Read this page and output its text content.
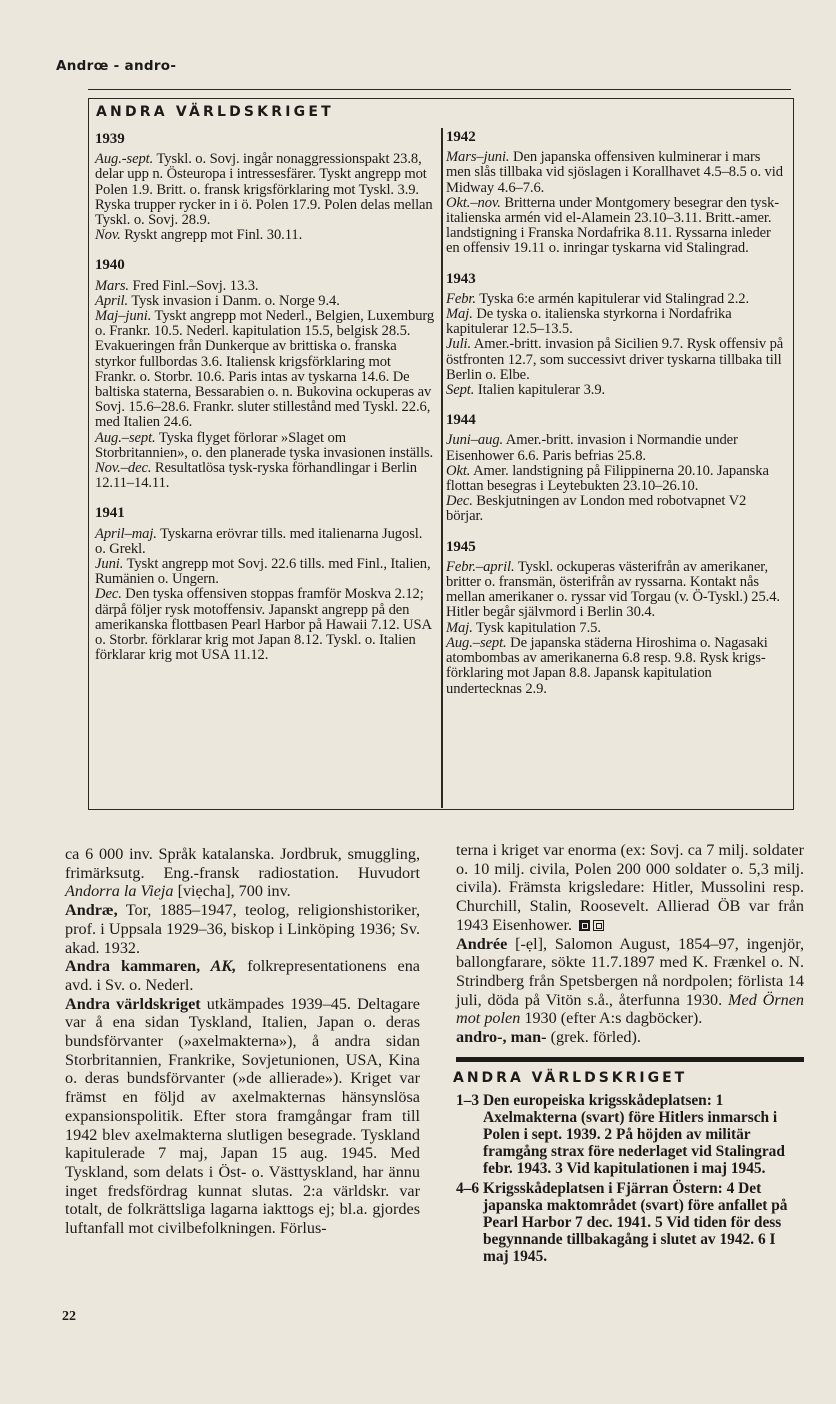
Andrœ - andro-
ANDRA VÄRLDSKRIGET
1939

Aug.-sept. Tyskl. o. Sovj. ingår nonaggressionspakt 23.8, delar upp n. Östeuropa i intressesfärer. Tyskt angrepp mot Polen 1.9. Britt. o. fransk krigsförklaring mot Tyskl. 3.9. Ryska trupper rycker in i ö. Polen 17.9. Polen delas mellan Tyskl. o. Sovj. 28.9.

Nov. Ryskt angrepp mot Finl. 30.11.

1940

Mars. Fred Finl.–Sovj. 13.3.

April. Tysk invasion i Danm. o. Norge 9.4.

Maj–juni. Tyskt angrepp mot Nederl., Belgien, Luxemburg o. Frankr. 10.5. Nederl. kapitulation 15.5, belgisk 28.5. Evakueringen från Dunkerque av brittiska o. franska styrkor fullbordas 3.6. Italiensk krigsförklaring mot Frankr. o. Storbr. 10.6. Paris intas av tyskarna 14.6. De baltiska staterna, Bessarabien o. n. Bukovina ockuperas av Sovj. 15.6–28.6. Frankr. sluter stillestånd med Tyskl. 22.6, med Italien 24.6.

Aug.–sept. Tyska flyget förlorar »Slaget om Storbritannien», o. den planerade tyska invasionen inställs.

Nov.–dec. Resultatlösa tysk-ryska förhandlingar i Berlin 12.11–14.11.

1941

April–maj. Tyskarna erövrar tills. med italienarna Jugosl. o. Grekl.

Juni. Tyskt angrepp mot Sovj. 22.6 tills. med Finl., Italien, Rumänien o. Ungern.

Dec. Den tyska offensiven stoppas framför Moskva 2.12; därpå följer rysk motoffensiv. Japanskt angrepp på den amerikanska flottbasen Pearl Harbor på Hawaii 7.12. USA o. Storbr. förklarar krig mot Japan 8.12. Tyskl. o. Italien förklarar krig mot USA 11.12.

1942

Mars–juni. Den japanska offensiven kulminerar i mars men slås tillbaka vid sjöslagen i Korallhavet 4.5–8.5 o. vid Midway 4.6–7.6.

Okt.–nov. Britterna under Montgomery besegrar den tysk-italienska armén vid el-Alamein 23.10–3.11. Britt.-amer. landstigning i Franska Nordafrika 8.11. Ryssarna inleder en offensiv 19.11 o. inringar tyskarna vid Stalingrad.

1943

Febr. Tyska 6:e armén kapitulerar vid Stalingrad 2.2.

Maj. De tyska o. italienska styrkorna i Nordafrika kapitulerar 12.5–13.5.

Juli. Amer.-britt. invasion på Sicilien 9.7. Rysk offensiv på östfronten 12.7, som successivt driver tyskarna tillbaka till Berlin o. Elbe.

Sept. Italien kapitulerar 3.9.

1944

Juni–aug. Amer.-britt. invasion i Normandie under Eisenhower 6.6. Paris befrias 25.8.

Okt. Amer. landstigning på Filippinerna 20.10. Japanska flottan besegras i Leytebukten 23.10–26.10.

Dec. Beskjutningen av London med robotvapnet V2 börjar.

1945

Febr.–april. Tyskl. ockuperas västerifrån av amerikaner, britter o. fransmän, österifrån av ryssarna. Kontakt nås mellan amerikaner o. ryssar vid Torgau (v. Ö-Tyskl.) 25.4. Hitler begår självmord i Berlin 30.4.

Maj. Tysk kapitulation 7.5.

Aug.–sept. De japanska städerna Hiroshima o. Nagasaki atombombas av amerikanerna 6.8 resp. 9.8. Rysk krigsförklaring mot Japan 8.8. Japansk kapitulation undertecknas 2.9.

ca 6 000 inv. Språk katalanska. Jordbruk, smuggling, frimärksutg. Eng.-fransk radiostation. Huvudort Andorra la Vieja [viẹcha], 700 inv.

Andræ, Tor, 1885–1947, teolog, religionshistoriker, prof. i Uppsala 1929–36, biskop i Linköping 1936; Sv. akad. 1932.

Andra kammaren, AK, folkrepresentationens ena avd. i Sv. o. Nederl.

Andra världskriget utkämpades 1939–45. Deltagare var å ena sidan Tyskland, Italien, Japan o. deras bundsförvanter (»axelmakterna»), å andra sidan Storbritannien, Frankrike, Sovjetunionen, USA, Kina o. deras bundsförvanter (»de allierade»). Kriget var främst en följd av axelmakternas hänsynslösa expansionspolitik. Efter stora framgångar fram till 1942 blev axelmakterna slutligen besegrade. Tyskland kapitulerade 7 maj, Japan 15 aug. 1945. Med Tyskland, som delats i Öst- o. Västtyskland, har ännu inget fredsfördrag kunnat slutas. 2:a världskr. var totalt, de folkrättsliga lagarna iakttogs ej; bl.a. gjordes luftanfall mot civilbefolkningen. Förlus-

terna i kriget var enorma (ex: Sovj. ca 7 milj. soldater o. 10 milj. civila, Polen 200 000 soldater o. 5,3 milj. civila). Främsta krigsledare: Hitler, Mussolini resp. Churchill, Stalin, Roosevelt. Allierad ÖB var från 1943 Eisenhower.

Andrée [-ẹl], Salomon August, 1854–97, ingenjör, ballongfarare, sökte 11.7.1897 med K. Frænkel o. N. Strindberg från Spetsbergen nå nordpolen; förlista 14 juli, döda på Vitön s.å., återfunna 1930. Med Örnen mot polen 1930 (efter A:s dagböcker).

andro-, man- (grek. förled).

ANDRA VÄRLDSKRIGET

1–3 Den europeiska krigsskådeplatsen: 1 Axelmakterna (svart) före Hitlers inmarsch i Polen i sept. 1939. 2 På höjden av militär framgång strax före nederlaget vid Stalingrad febr. 1943. 3 Vid kapitulationen i maj 1945.

4–6 Krigsskådeplatsen i Fjärran Östern: 4 Det japanska maktområdet (svart) före anfallet på Pearl Harbor 7 dec. 1941. 5 Vid tiden för dess begynnande tillbakagång i slutet av 1942. 6 I maj 1945.

22
